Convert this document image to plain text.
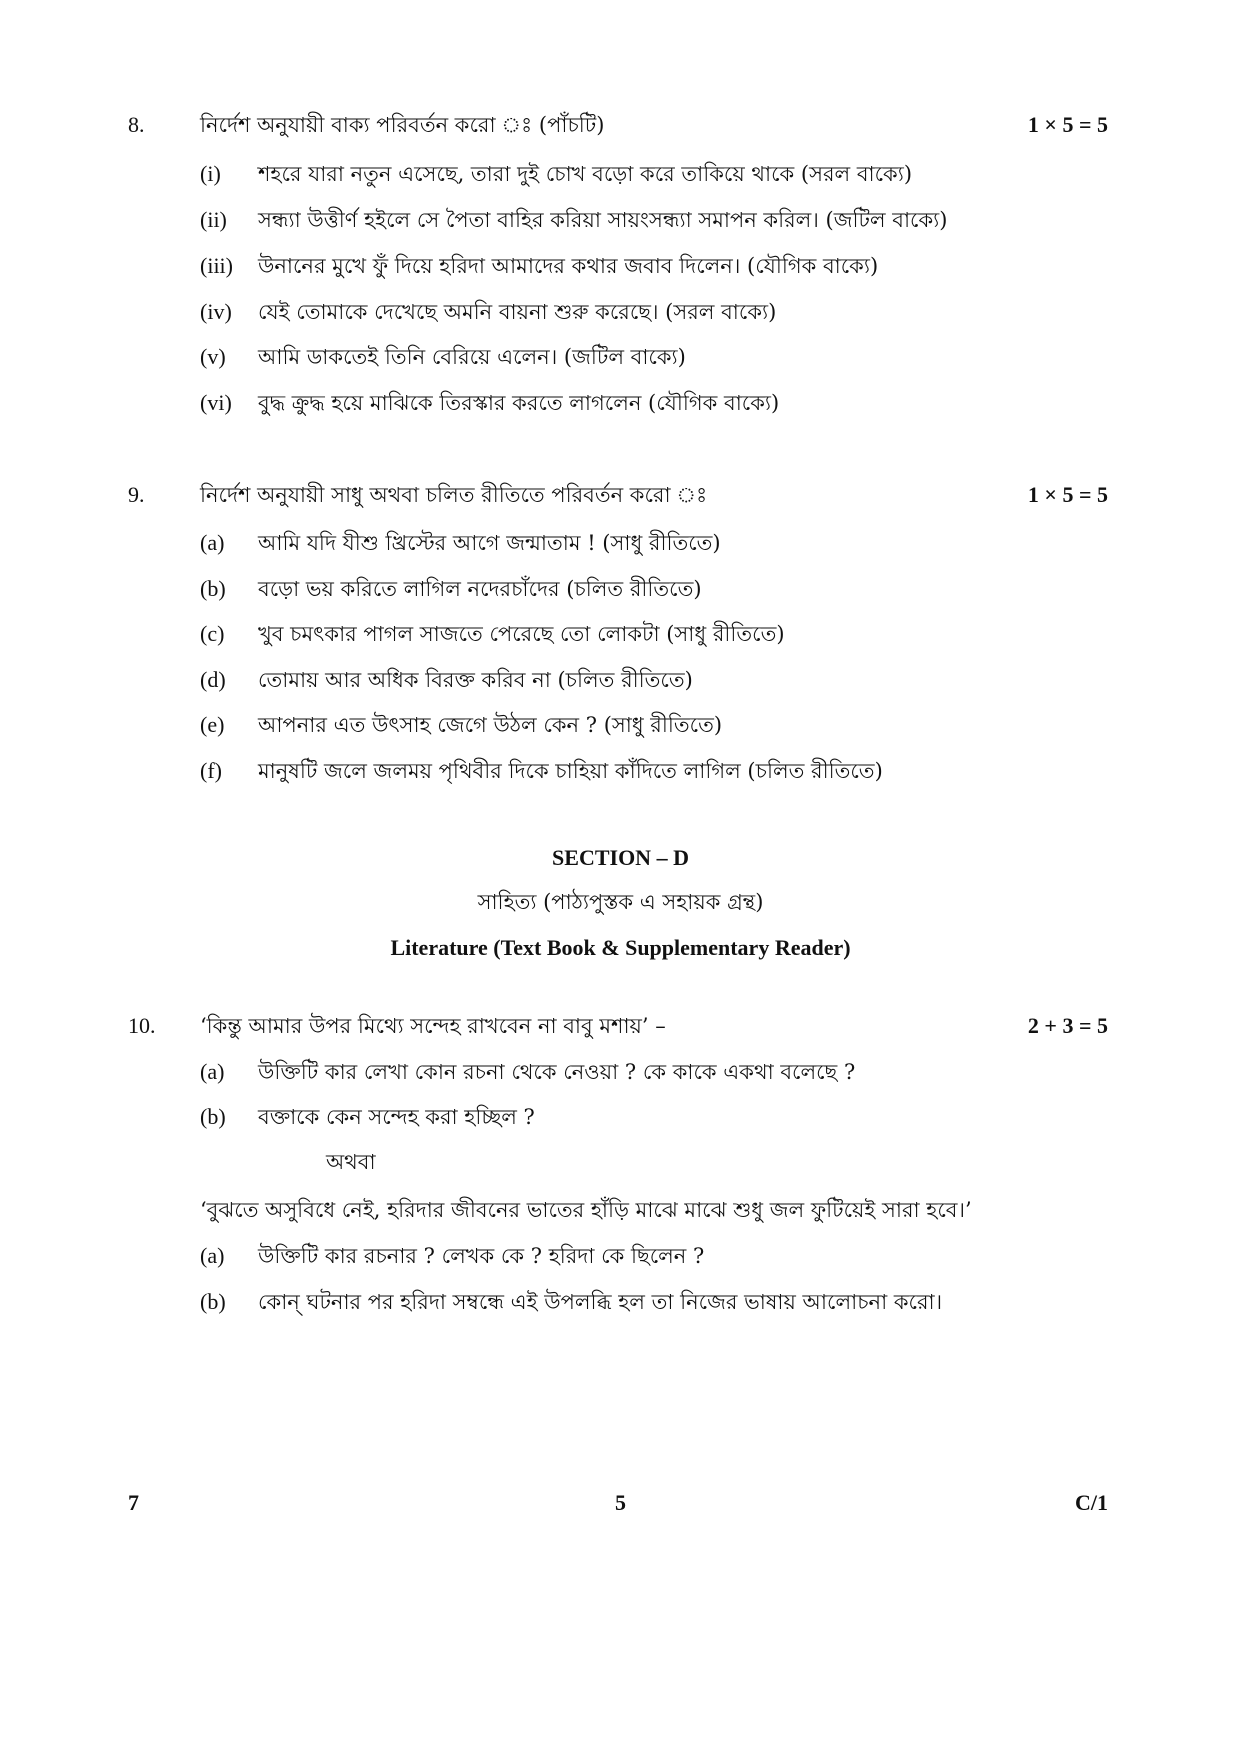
8.	নির্দেশ অনুযায়ী বাক্য পরিবর্তন করো ঃ (পাঁচটি)	1 × 5 = 5
(i) শহরে যারা নতুন এসেছে, তারা দুই চোখ বড়ো করে তাকিয়ে থাকে (সরল বাক্যে)
(ii) সন্ধ্যা উত্তীর্ণ হইলে সে পৈতা বাহির করিয়া সায়ংসন্ধ্যা সমাপন করিল। (জটিল বাক্যে)
(iii) উনানের মুখে ফুঁ দিয়ে হরিদা আমাদের কথার জবাব দিলেন। (যৌগিক বাক্যে)
(iv) যেই তোমাকে দেখেছে অমনি বায়না শুরু করেছে। (সরল বাক্যে)
(v) আমি ডাকতেই তিনি বেরিয়ে এলেন। (জটিল বাক্যে)
(vi) বুদ্ধ ক্রুদ্ধ হয়ে মাঝিকে তিরস্কার করতে লাগলেন (যৌগিক বাক্যে)
9.	নির্দেশ অনুযায়ী সাধু অথবা চলিত রীতিতে পরিবর্তন করো ঃ	1 × 5 = 5
(a) আমি যদি যীশু খ্রিস্টের আগে জন্মাতাম ! (সাধু রীতিতে)
(b) বড়ো ভয় করিতে লাগিল নদেরচাঁদের (চলিত রীতিতে)
(c) খুব চমৎকার পাগল সাজতে পেরেছে তো লোকটা (সাধু রীতিতে)
(d) তোমায় আর অধিক বিরক্ত করিব না (চলিত রীতিতে)
(e) আপনার এত উৎসাহ জেগে উঠল কেন ? (সাধু রীতিতে)
(f) মানুষটি জলে জলময় পৃথিবীর দিকে চাহিয়া কাঁদিতে লাগিল (চলিত রীতিতে)
SECTION – D
সাহিত্য (পাঠ্যপুস্তক এ সহায়ক গ্রন্থ)
Literature (Text Book & Supplementary Reader)
10. ‘কিন্তু আমার উপর মিথ্যে সন্দেহ রাখবেন না বাবু মশায়’ –	2 + 3 = 5
(a) উক্তিটি কার লেখা কোন রচনা থেকে নেওয়া ? কে কাকে একথা বলেছে ?
(b) বক্তাকে কেন সন্দেহ করা হচ্ছিল ?
অথবা
‘বুঝতে অসুবিধে নেই, হরিদার জীবনের ভাতের হাঁড়ি মাঝে মাঝে শুধু জল ফুটিয়েই সারা হবে।’
(a) উক্তিটি কার রচনার ? লেখক কে ? হরিদা কে ছিলেন ?
(b) কোন্ ঘটনার পর হরিদা সম্বন্ধে এই উপলব্ধি হল তা নিজের ভাষায় আলোচনা করো।
7	5	C/1
